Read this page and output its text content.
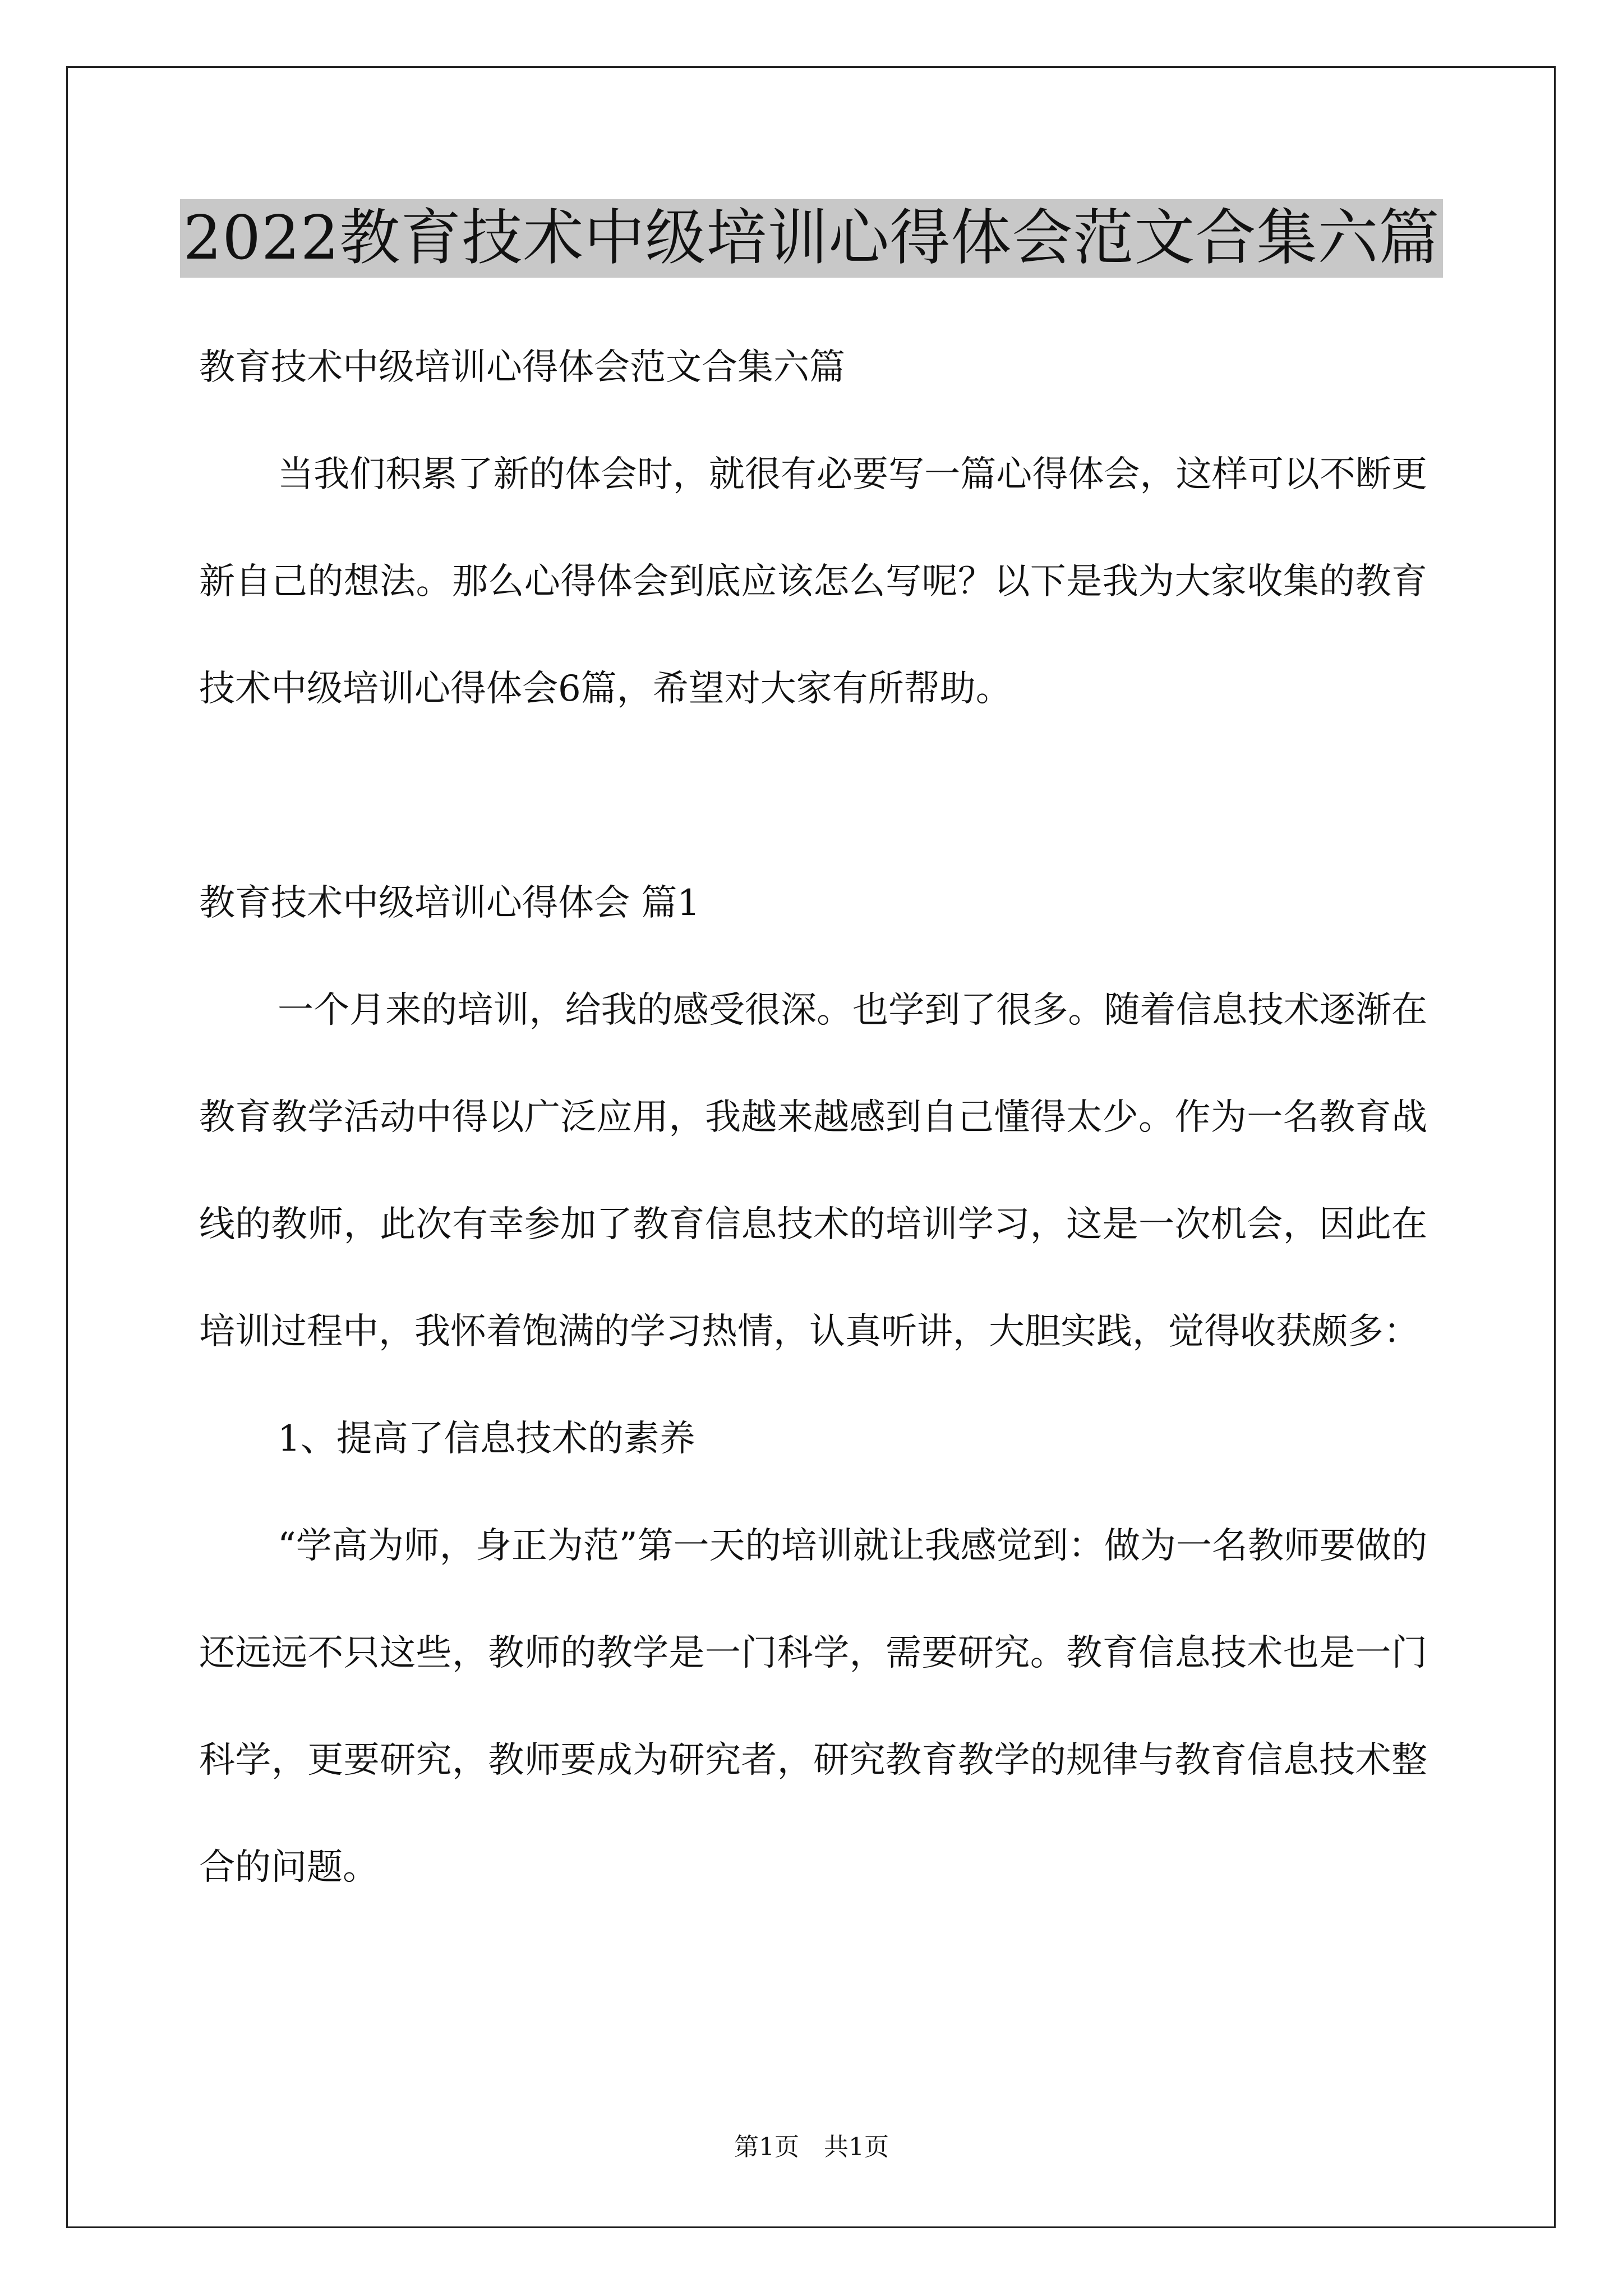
2022教育技术中级培训心得体会范文合集六篇

教育技术中级培训心得体会范文合集六篇

当我们积累了新的体会时，就很有必要写一篇心得体会，这样可以不断更新自己的想法。那么心得体会到底应该怎么写呢？以下是我为大家收集的教育技术中级培训心得体会6篇，希望对大家有所帮助。

教育技术中级培训心得体会 篇1

一个月来的培训，给我的感受很深。也学到了很多。随着信息技术逐渐在教育教学活动中得以广泛应用，我越来越感到自己懂得太少。作为一名教育战线的教师，此次有幸参加了教育信息技术的培训学习，这是一次机会，因此在培训过程中，我怀着饱满的学习热情，认真听讲，大胆实践，觉得收获颇多：

1、提高了信息技术的素养

“学高为师，身正为范”第一天的培训就让我感觉到：做为一名教师要做的还远远不只这些，教师的教学是一门科学，需要研究。教育信息技术也是一门科学，更要研究，教师要成为研究者，研究教育教学的规律与教育信息技术整合的问题。

第1页　共1页
